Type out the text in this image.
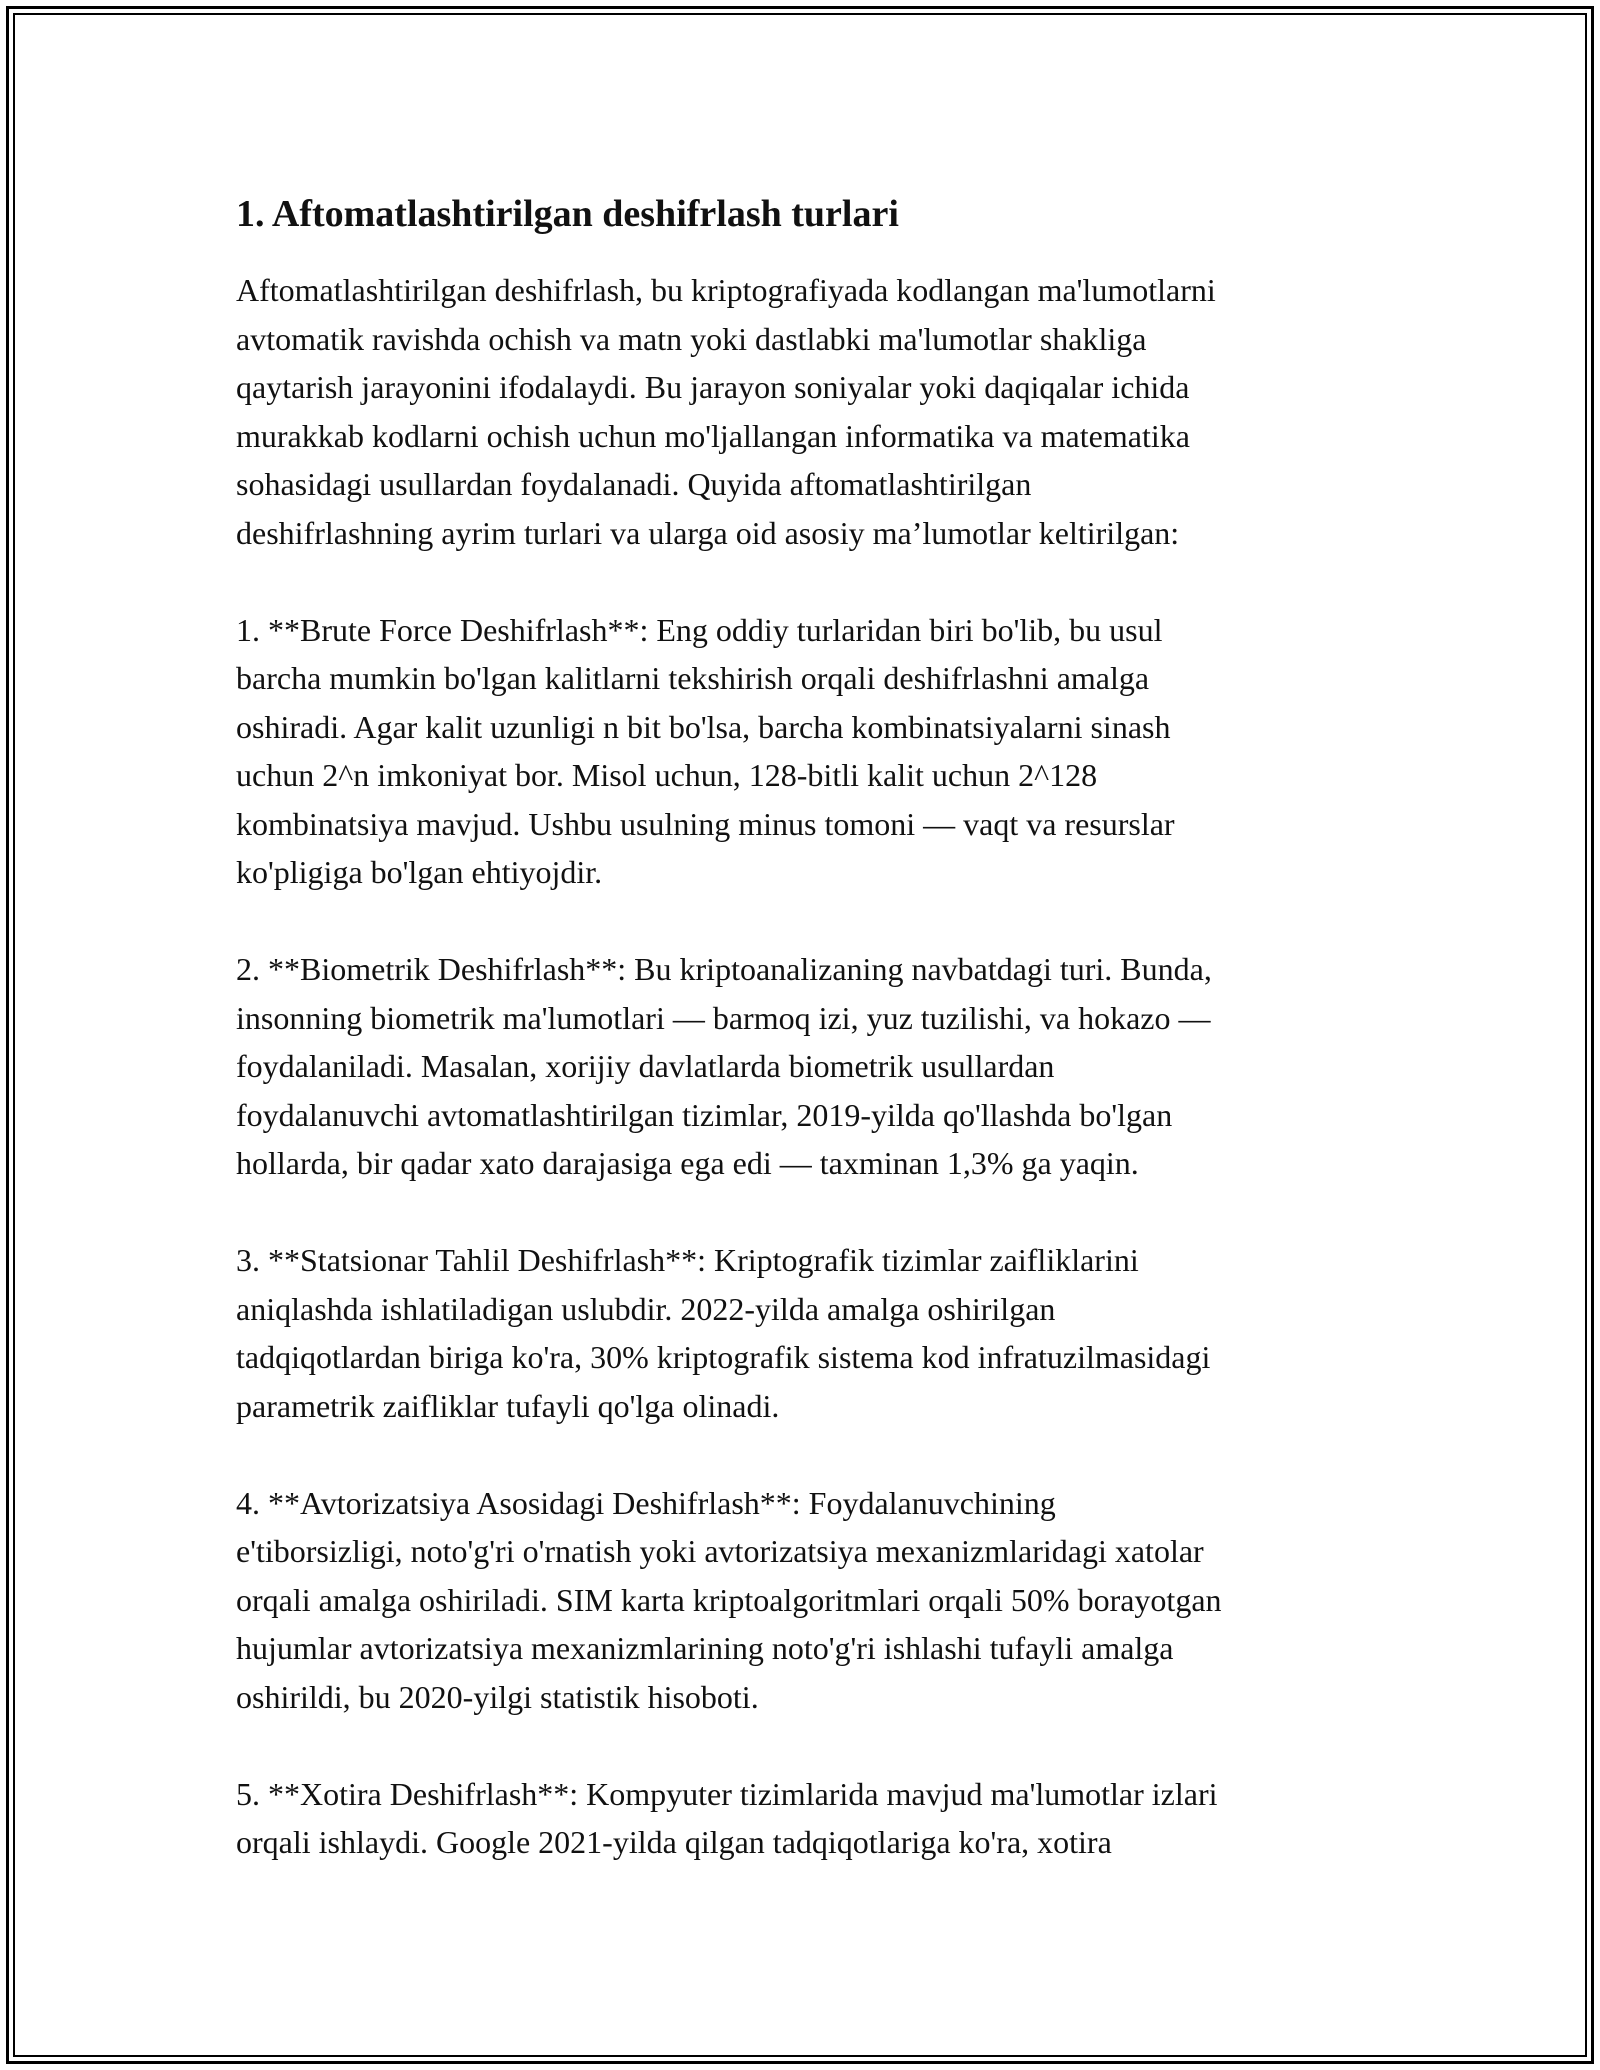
1. Aftomatlashtirilgan deshifrlash turlari

Aftomatlashtirilgan deshifrlash, bu kriptografiyada kodlangan ma'lumotlarni
avtomatik ravishda ochish va matn yoki dastlabki ma'lumotlar shakliga
qaytarish jarayonini ifodalaydi. Bu jarayon soniyalar yoki daqiqalar ichida
murakkab kodlarni ochish uchun mo'ljallangan informatika va matematika
sohasidagi usullardan foydalanadi. Quyida aftomatlashtirilgan
deshifrlashning ayrim turlari va ularga oid asosiy ma’lumotlar keltirilgan:

1. **Brute Force Deshifrlash**: Eng oddiy turlaridan biri bo'lib, bu usul
barcha mumkin bo'lgan kalitlarni tekshirish orqali deshifrlashni amalga
oshiradi. Agar kalit uzunligi n bit bo'lsa, barcha kombinatsiyalarni sinash
uchun 2^n imkoniyat bor. Misol uchun, 128-bitli kalit uchun 2^128
kombinatsiya mavjud. Ushbu usulning minus tomoni — vaqt va resurslar
ko'pligiga bo'lgan ehtiyojdir.

2. **Biometrik Deshifrlash**: Bu kriptoanalizaning navbatdagi turi. Bunda,
insonning biometrik ma'lumotlari — barmoq izi, yuz tuzilishi, va hokazo —
foydalaniladi. Masalan, xorijiy davlatlarda biometrik usullardan
foydalanuvchi avtomatlashtirilgan tizimlar, 2019-yilda qo'llashda bo'lgan
hollarda, bir qadar xato darajasiga ega edi — taxminan 1,3% ga yaqin.

3. **Statsionar Tahlil Deshifrlash**: Kriptografik tizimlar zaifliklarini
aniqlashda ishlatiladigan uslubdir. 2022-yilda amalga oshirilgan
tadqiqotlardan biriga ko'ra, 30% kriptografik sistema kod infratuzilmasidagi
parametrik zaifliklar tufayli qo'lga olinadi.

4. **Avtorizatsiya Asosidagi Deshifrlash**: Foydalanuvchining
e'tiborsizligi, noto'g'ri o'rnatish yoki avtorizatsiya mexanizmlaridagi xatolar
orqali amalga oshiriladi. SIM karta kriptoalgoritmlari orqali 50% borayotgan
hujumlar avtorizatsiya mexanizmlarining noto'g'ri ishlashi tufayli amalga
oshirildi, bu 2020-yilgi statistik hisoboti.

5. **Xotira Deshifrlash**: Kompyuter tizimlarida mavjud ma'lumotlar izlari
orqali ishlaydi. Google 2021-yilda qilgan tadqiqotlariga ko'ra, xotira
